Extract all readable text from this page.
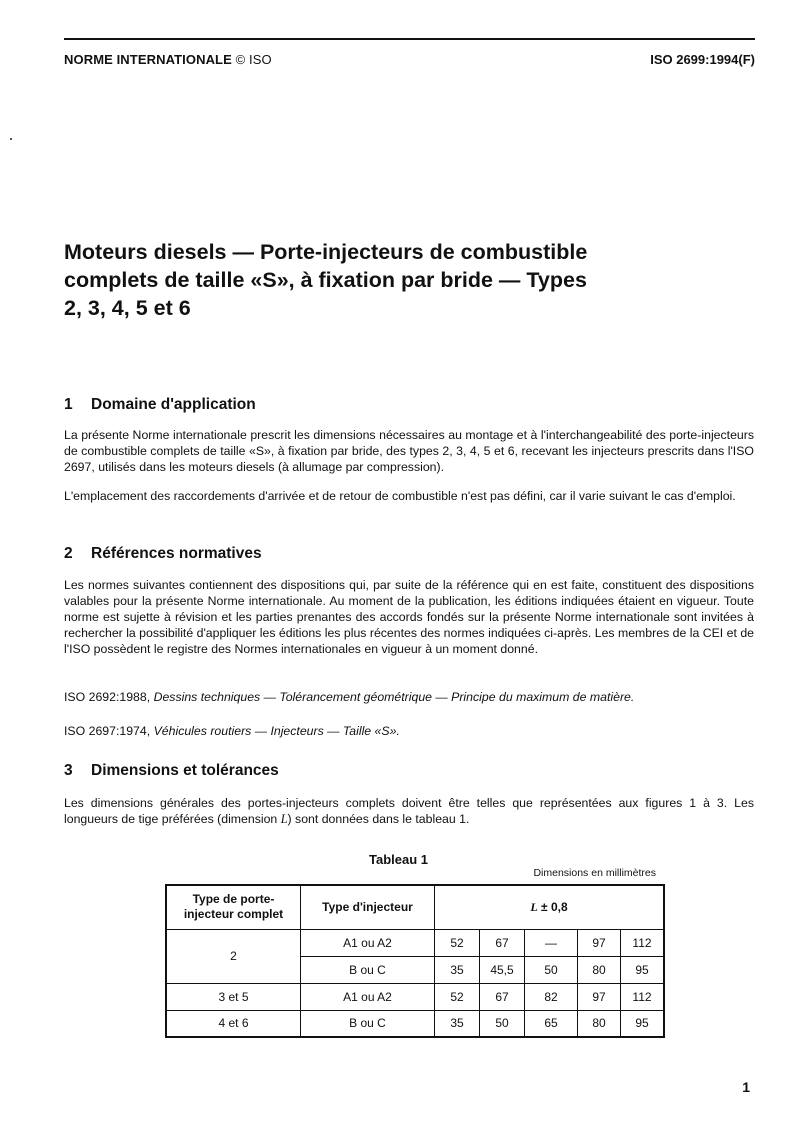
NORME INTERNATIONALE © ISO	ISO 2699:1994(F)
Moteurs diesels — Porte-injecteurs de combustible
complets de taille «S», à fixation par bride — Types
2, 3, 4, 5 et 6
1 Domaine d'application
La présente Norme internationale prescrit les dimensions nécessaires au montage et à l'interchangeabilité des porte-injecteurs de combustible complets de taille «S», à fixation par bride, des types 2, 3, 4, 5 et 6, recevant les injecteurs prescrits dans l'ISO 2697, utilisés dans les moteurs diesels (à allumage par compression).
L'emplacement des raccordements d'arrivée et de retour de combustible n'est pas défini, car il varie suivant le cas d'emploi.
2 Références normatives
Les normes suivantes contiennent des dispositions qui, par suite de la référence qui en est faite, constituent des dispositions valables pour la présente Norme internationale. Au moment de la publication, les éditions indiquées étaient en vigueur. Toute norme est sujette à révision et les parties prenantes des accords fondés sur la présente Norme internationale sont invitées à rechercher la possibilité d'appliquer les éditions les plus récentes des normes indiquées ci-après. Les membres de la CEI et de l'ISO possèdent le registre des Normes internationales en vigueur à un moment donné.
ISO 2692:1988, Dessins techniques — Tolérancement géométrique — Principe du maximum de matière.
ISO 2697:1974, Véhicules routiers — Injecteurs — Taille «S».
3 Dimensions et tolérances
Les dimensions générales des portes-injecteurs complets doivent être telles que représentées aux figures 1 à 3. Les longueurs de tige préférées (dimension L) sont données dans le tableau 1.
Tableau 1
Dimensions en millimètres
Type de porte-
injecteur complet	Type d'injecteur	L ± 0,8				
2	A1 ou A2	52	67	—	97	112
	B ou C	35	45,5	50	80	95
3 et 5	A1 ou A2	52	67	82	97	112
4 et 6	B ou C	35	50	65	80	95
1
